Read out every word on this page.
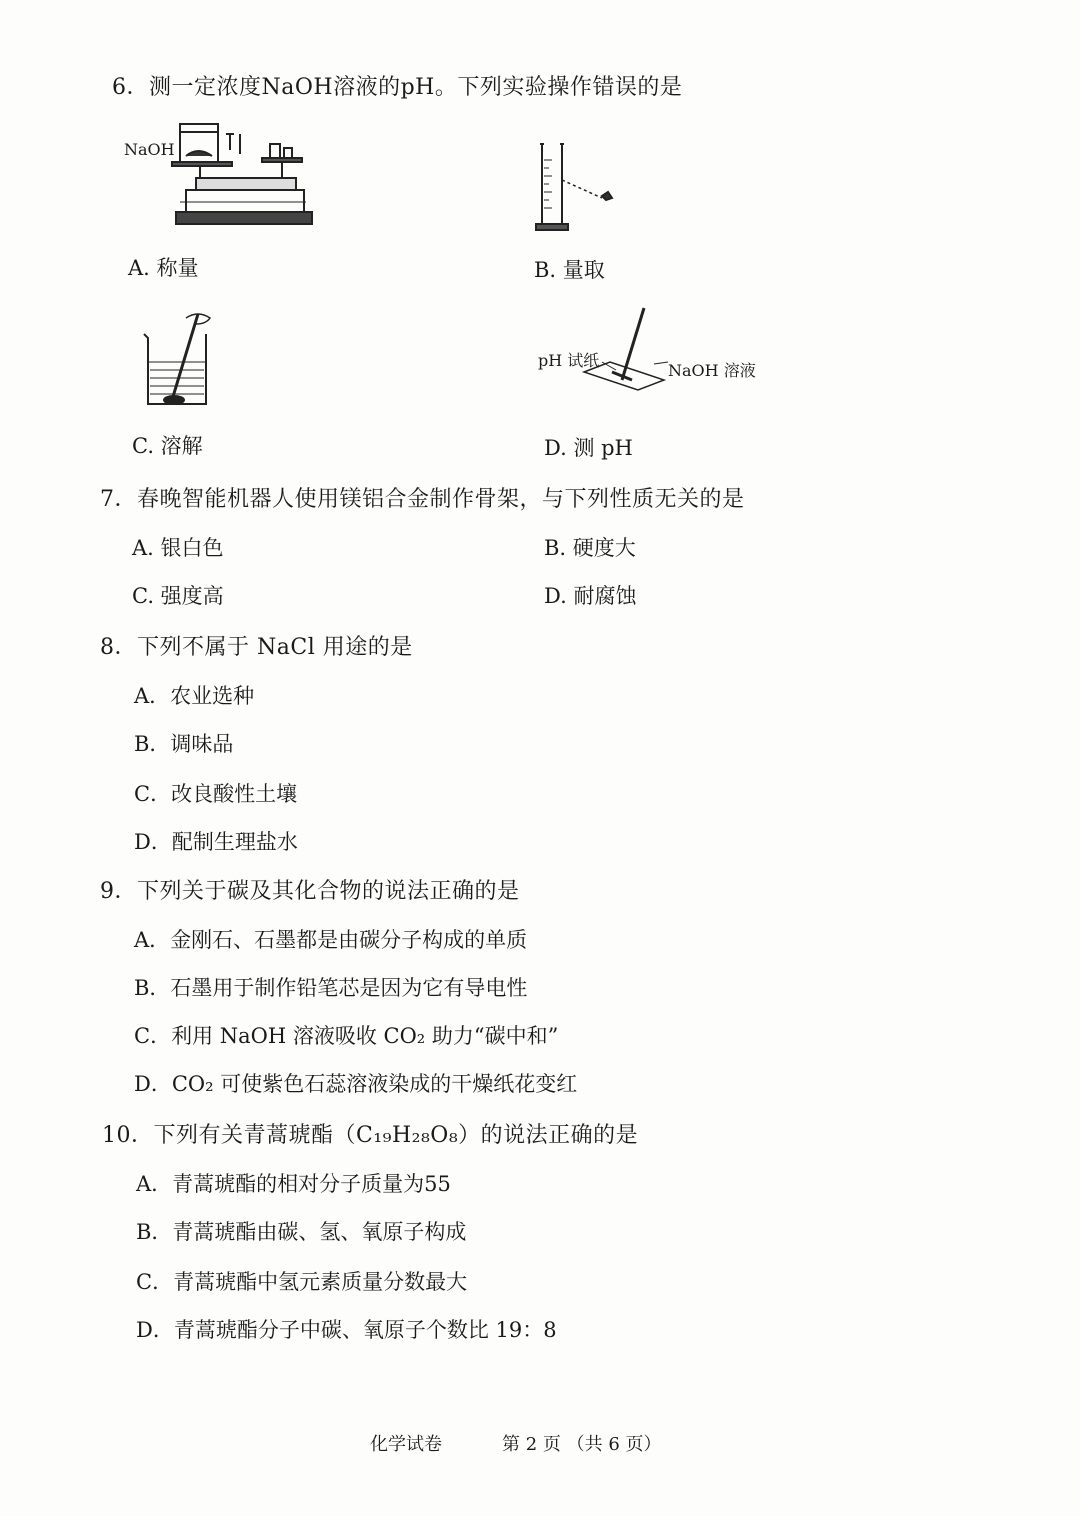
6．测一定浓度NaOH溶液的pH。下列实验操作错误的是
NaOH
A. 称量	B. 量取
C. 溶解
pH 试纸
NaOH 溶液
D. 测 pH
7．春晚智能机器人使用镁铝合金制作骨架，与下列性质无关的是
A. 银白色	B. 硬度大
C. 强度高	D. 耐腐蚀
8．下列不属于 NaCl 用途的是
A．农业选种
B．调味品
C．改良酸性土壤
D．配制生理盐水
9．下列关于碳及其化合物的说法正确的是
A．金刚石、石墨都是由碳分子构成的单质
B．石墨用于制作铅笔芯是因为它有导电性
C．利用 NaOH 溶液吸收 CO₂ 助力“碳中和”
D．CO₂ 可使紫色石蕊溶液染成的干燥纸花变红
10．下列有关青蒿琥酯（C₁₉H₂₈O₈）的说法正确的是
A．青蒿琥酯的相对分子质量为55
B．青蒿琥酯由碳、氢、氧原子构成
C．青蒿琥酯中氢元素质量分数最大
D．青蒿琥酯分子中碳、氧原子个数比 19：8
化学试卷	第 2 页 （共 6 页）
